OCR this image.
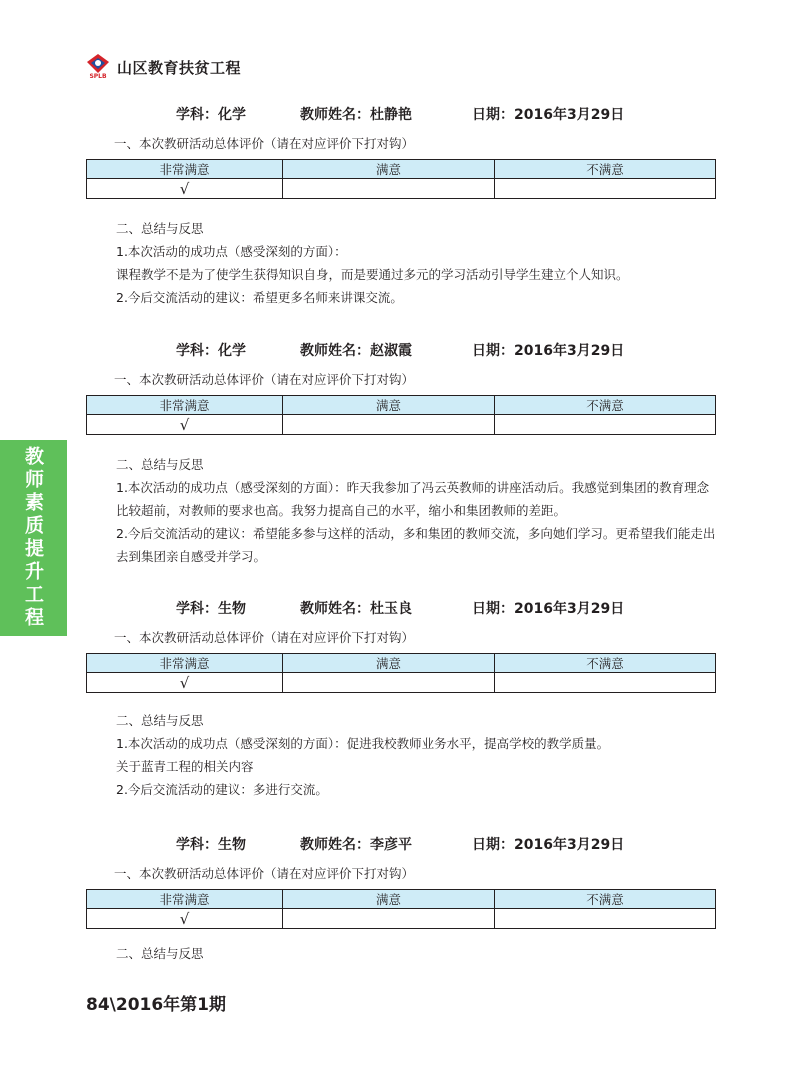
SPLB 山区教育扶贫工程
教师素质提升工程
学科：化学	教师姓名：杜静艳	日期：2016年3月29日
一、本次教研活动总体评价（请在对应评价下打对钩）
非常满意	满意	不满意
√		

二、总结与反思

1.本次活动的成功点（感受深刻的方面）：

课程教学不是为了使学生获得知识自身，而是要通过多元的学习活动引导学生建立个人知识。

2.今后交流活动的建议：希望更多名师来讲课交流。

学科：化学	教师姓名：赵淑霞	日期：2016年3月29日
一、本次教研活动总体评价（请在对应评价下打对钩）
非常满意	满意	不满意
√		

二、总结与反思

1.本次活动的成功点（感受深刻的方面）：昨天我参加了冯云英教师的讲座活动后。我感觉到集团的教育理念比较超前，对教师的要求也高。我努力提高自己的水平，缩小和集团教师的差距。

2.今后交流活动的建议：希望能多参与这样的活动，多和集团的教师交流，多向她们学习。更希望我们能走出去到集团亲自感受并学习。

学科：生物	教师姓名：杜玉良	日期：2016年3月29日
一、本次教研活动总体评价（请在对应评价下打对钩）
非常满意	满意	不满意
√		

二、总结与反思

1.本次活动的成功点（感受深刻的方面）：促进我校教师业务水平，提高学校的教学质量。

关于蓝青工程的相关内容

2.今后交流活动的建议：多进行交流。

学科：生物	教师姓名：李彦平	日期：2016年3月29日
一、本次教研活动总体评价（请在对应评价下打对钩）
非常满意	满意	不满意
√		

二、总结与反思

84\2016年第1期
